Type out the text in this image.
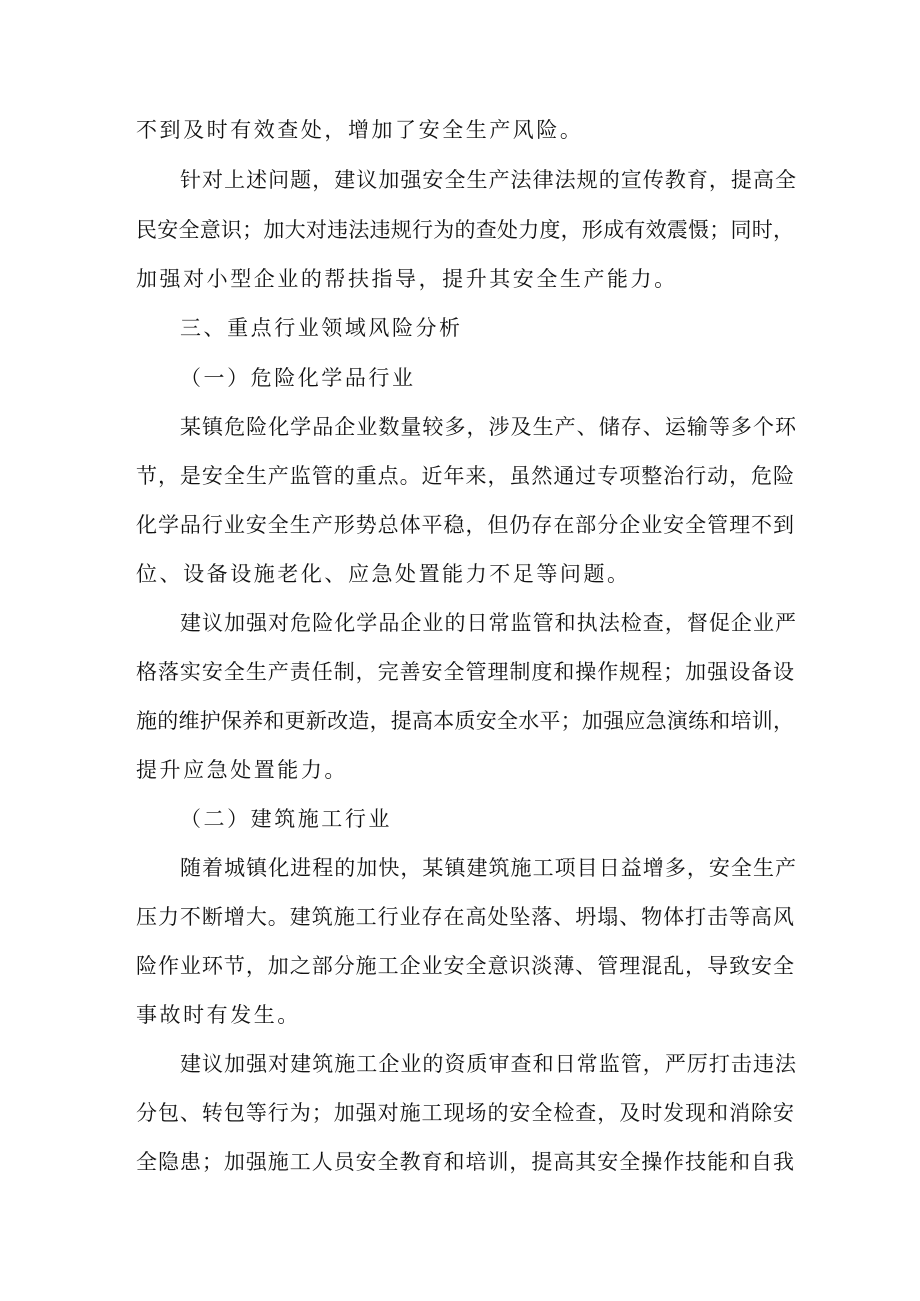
不到及时有效查处，增加了安全生产风险。
针对上述问题，建议加强安全生产法律法规的宣传教育，提高全
民安全意识；加大对违法违规行为的查处力度，形成有效震慑；同时，
加强对小型企业的帮扶指导，提升其安全生产能力。
三、重点行业领域风险分析
（一）危险化学品行业
某镇危险化学品企业数量较多，涉及生产、储存、运输等多个环
节，是安全生产监管的重点。近年来，虽然通过专项整治行动，危险
化学品行业安全生产形势总体平稳，但仍存在部分企业安全管理不到
位、设备设施老化、应急处置能力不足等问题。
建议加强对危险化学品企业的日常监管和执法检查，督促企业严
格落实安全生产责任制，完善安全管理制度和操作规程；加强设备设
施的维护保养和更新改造，提高本质安全水平；加强应急演练和培训，
提升应急处置能力。
（二）建筑施工行业
随着城镇化进程的加快，某镇建筑施工项目日益增多，安全生产
压力不断增大。建筑施工行业存在高处坠落、坍塌、物体打击等高风
险作业环节，加之部分施工企业安全意识淡薄、管理混乱，导致安全
事故时有发生。
建议加强对建筑施工企业的资质审查和日常监管，严厉打击违法
分包、转包等行为；加强对施工现场的安全检查，及时发现和消除安
全隐患；加强施工人员安全教育和培训，提高其安全操作技能和自我
